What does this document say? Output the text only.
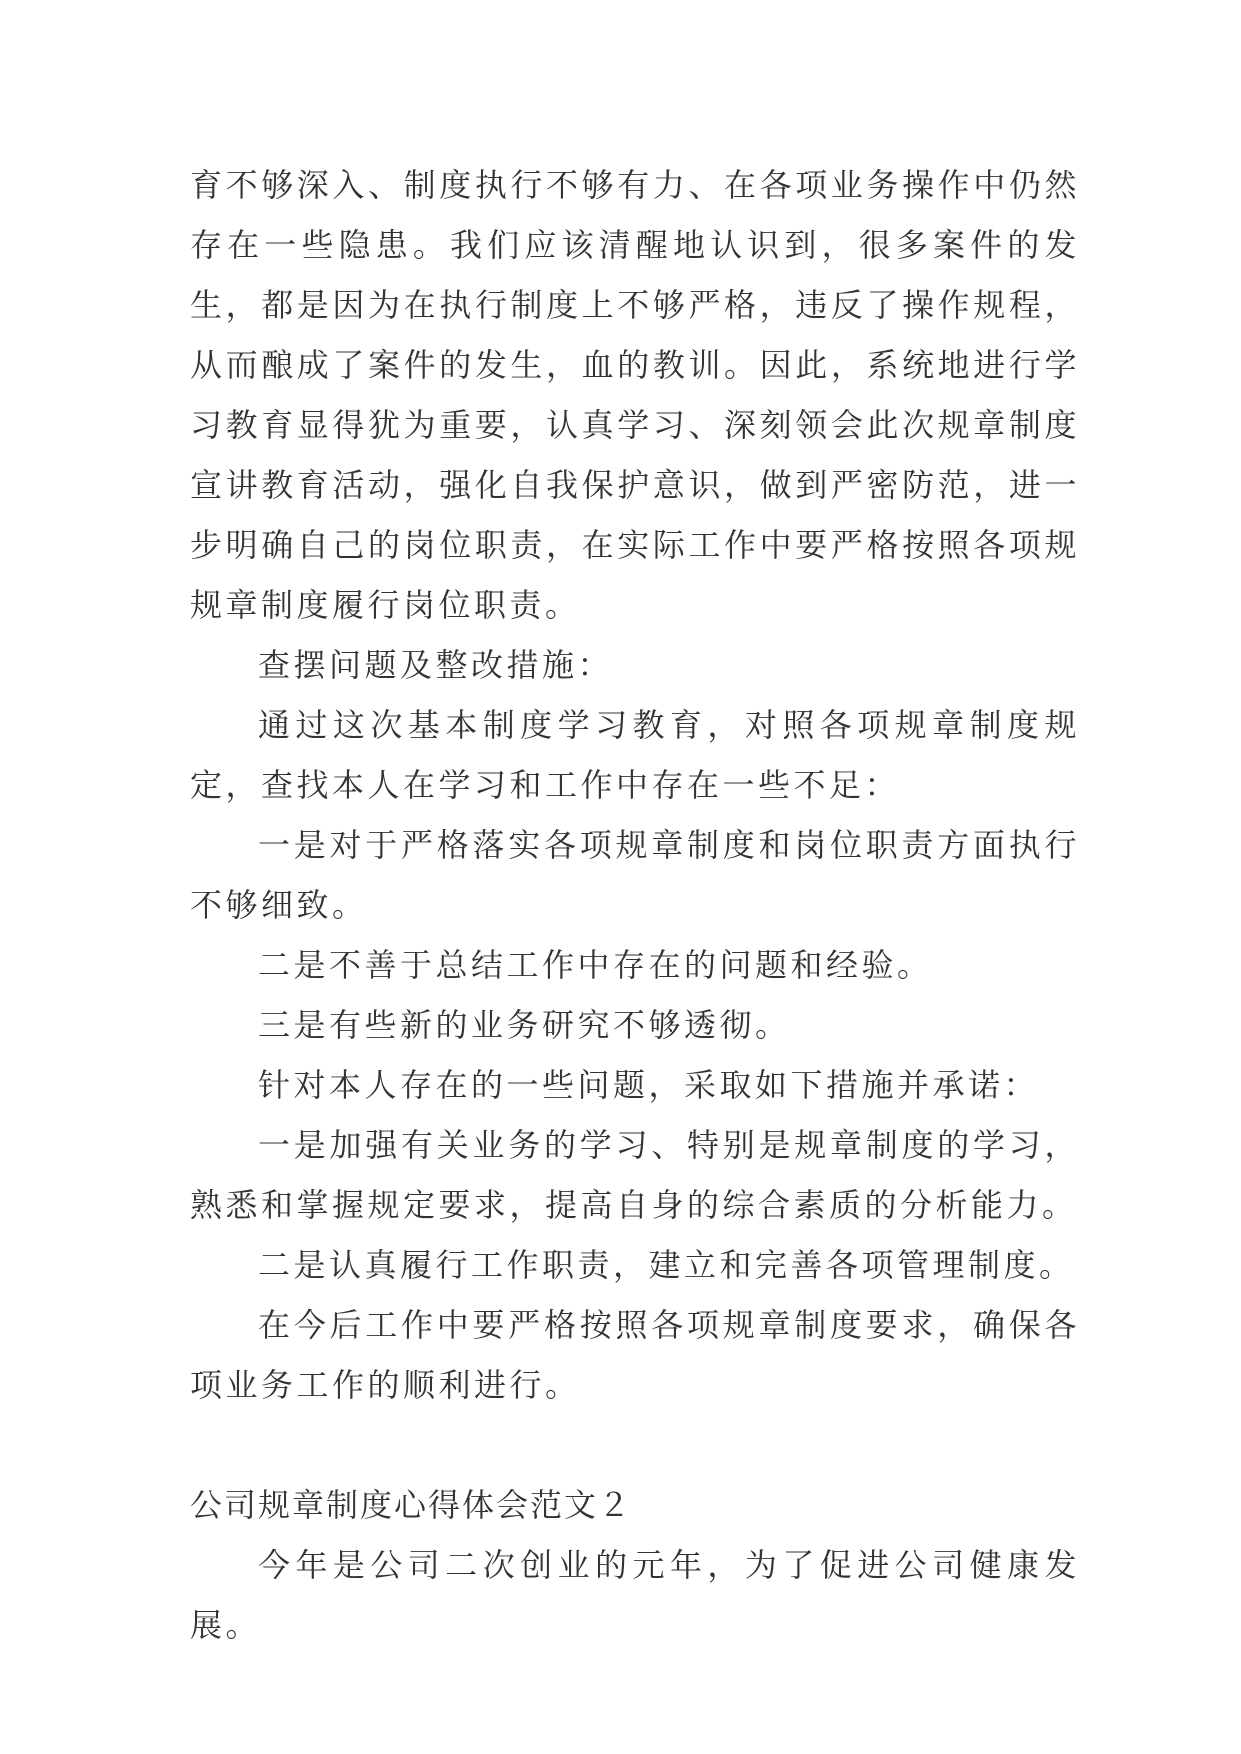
育不够深入、制度执行不够有力、在各项业务操作中仍然存在一些隐患。我们应该清醒地认识到，很多案件的发生，都是因为在执行制度上不够严格，违反了操作规程，从而酿成了案件的发生，血的教训。因此，系统地进行学习教育显得犹为重要，认真学习、深刻领会此次规章制度宣讲教育活动，强化自我保护意识，做到严密防范，进一步明确自己的岗位职责，在实际工作中要严格按照各项规规章制度履行岗位职责。

查摆问题及整改措施：

通过这次基本制度学习教育，对照各项规章制度规定，查找本人在学习和工作中存在一些不足：

一是对于严格落实各项规章制度和岗位职责方面执行不够细致。

二是不善于总结工作中存在的问题和经验。

三是有些新的业务研究不够透彻。

针对本人存在的一些问题，采取如下措施并承诺：

一是加强有关业务的学习、特别是规章制度的学习，熟悉和掌握规定要求，提高自身的综合素质的分析能力。

二是认真履行工作职责，建立和完善各项管理制度。

在今后工作中要严格按照各项规章制度要求，确保各项业务工作的顺利进行。

公司规章制度心得体会范文２

今年是公司二次创业的元年，为了促进公司健康发展。
